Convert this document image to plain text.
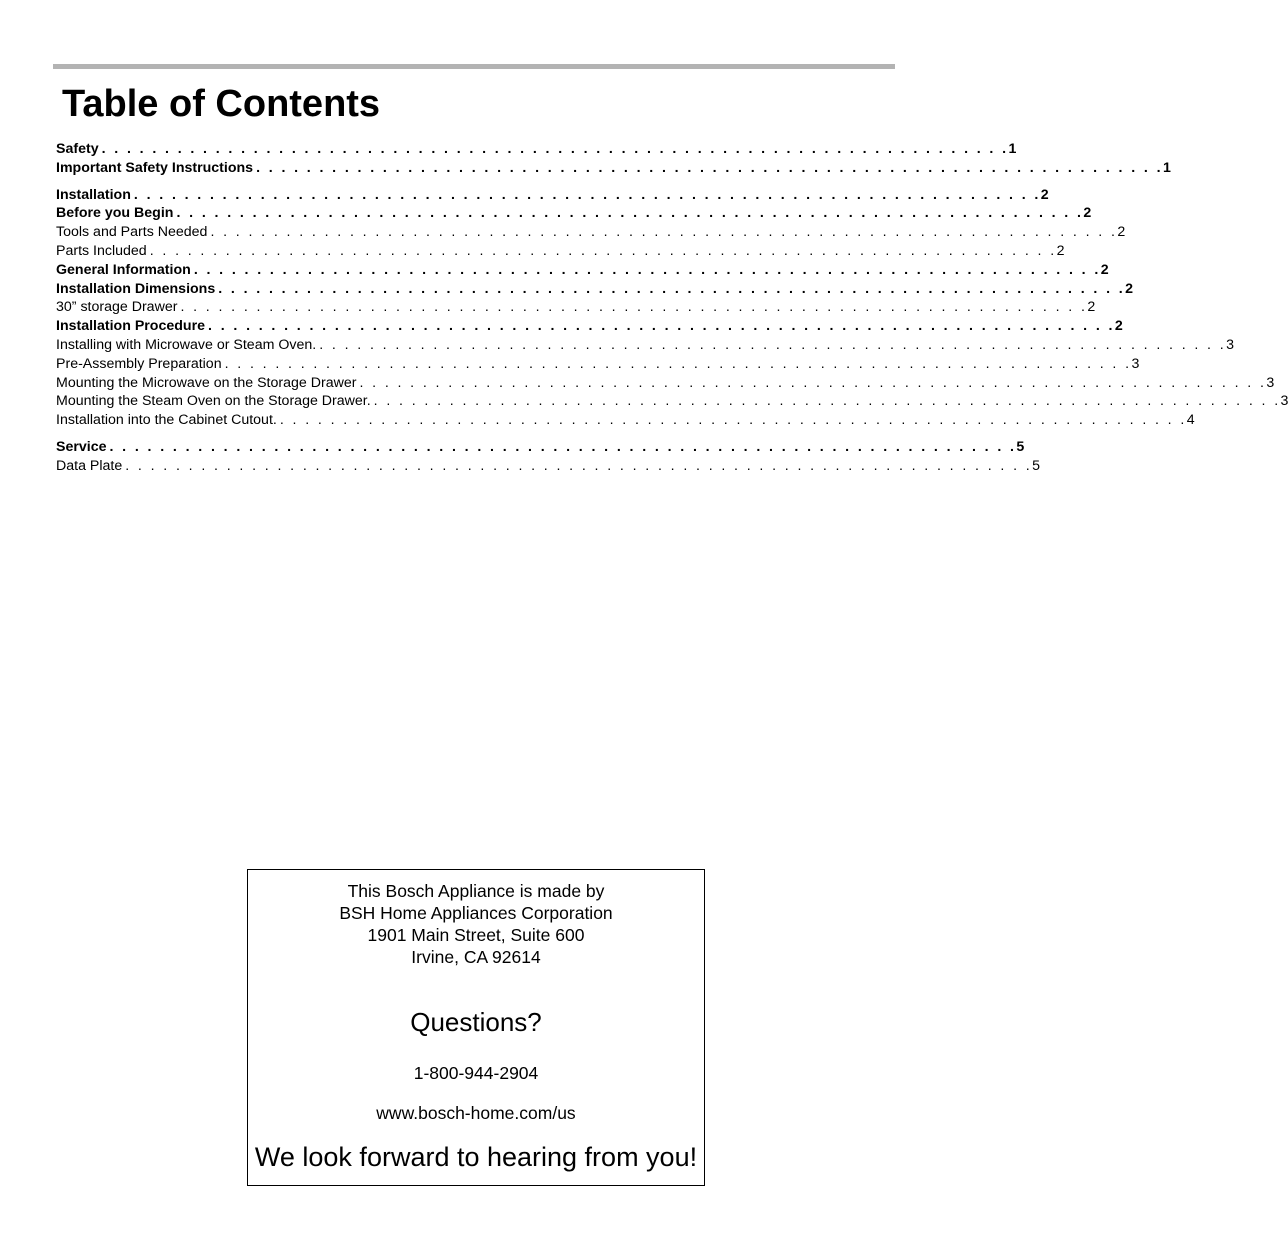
Table of Contents
Safety . . . . . . . . . . . . . . . . . . . . . . . . . . . . . . . . . . . . . . . . . . . . . . . . . . . . . . . . . . . . . . . . . . . . . . . . 1
Important Safety Instructions . . . . . . . . . . . . . . . . . . . . . . . . . . . . . . . . . . . . . . . . . . . . . . . . . . . . . . . . . . . . . . . . . . . . . . . . 1
Installation . . . . . . . . . . . . . . . . . . . . . . . . . . . . . . . . . . . . . . . . . . . . . . . . . . . . . . . . . . . . . . . . . . . . . . . . 2
Before you Begin . . . . . . . . . . . . . . . . . . . . . . . . . . . . . . . . . . . . . . . . . . . . . . . . . . . . . . . . . . . . . . . . . . . . . . . . 2
Tools and Parts Needed . . . . . . . . . . . . . . . . . . . . . . . . . . . . . . . . . . . . . . . . . . . . . . . . . . . . . . . . . . . . . . . . . . . . . . . . 2
Parts Included . . . . . . . . . . . . . . . . . . . . . . . . . . . . . . . . . . . . . . . . . . . . . . . . . . . . . . . . . . . . . . . . . . . . . . . . 2
General Information . . . . . . . . . . . . . . . . . . . . . . . . . . . . . . . . . . . . . . . . . . . . . . . . . . . . . . . . . . . . . . . . . . . . . . . . 2
Installation Dimensions . . . . . . . . . . . . . . . . . . . . . . . . . . . . . . . . . . . . . . . . . . . . . . . . . . . . . . . . . . . . . . . . . . . . . . . . 2
30” storage Drawer . . . . . . . . . . . . . . . . . . . . . . . . . . . . . . . . . . . . . . . . . . . . . . . . . . . . . . . . . . . . . . . . . . . . . . . . 2
Installation Procedure . . . . . . . . . . . . . . . . . . . . . . . . . . . . . . . . . . . . . . . . . . . . . . . . . . . . . . . . . . . . . . . . . . . . . . . . 2
Installing with Microwave or Steam Oven. . . . . . . . . . . . . . . . . . . . . . . . . . . . . . . . . . . . . . . . . . . . . . . . . . . . . . . . . . . . . . . . . . . . . . . . . 3
Pre-Assembly Preparation . . . . . . . . . . . . . . . . . . . . . . . . . . . . . . . . . . . . . . . . . . . . . . . . . . . . . . . . . . . . . . . . . . . . . . . . 3
Mounting the Microwave on the Storage Drawer . . . . . . . . . . . . . . . . . . . . . . . . . . . . . . . . . . . . . . . . . . . . . . . . . . . . . . . . . . . . . . . . . . . . . . . . 3
Mounting the Steam Oven on the Storage Drawer. . . . . . . . . . . . . . . . . . . . . . . . . . . . . . . . . . . . . . . . . . . . . . . . . . . . . . . . . . . . . . . . . . . . . . . . . 3
Installation into the Cabinet Cutout. . . . . . . . . . . . . . . . . . . . . . . . . . . . . . . . . . . . . . . . . . . . . . . . . . . . . . . . . . . . . . . . . . . . . . . . . 4
Service . . . . . . . . . . . . . . . . . . . . . . . . . . . . . . . . . . . . . . . . . . . . . . . . . . . . . . . . . . . . . . . . . . . . . . . . 5
Data Plate . . . . . . . . . . . . . . . . . . . . . . . . . . . . . . . . . . . . . . . . . . . . . . . . . . . . . . . . . . . . . . . . . . . . . . . . 5
This Bosch Appliance is made by
BSH Home Appliances Corporation
1901 Main Street, Suite 600
Irvine, CA 92614
Questions?
1-800-944-2904
www.bosch-home.com/us
We look forward to hearing from you!
